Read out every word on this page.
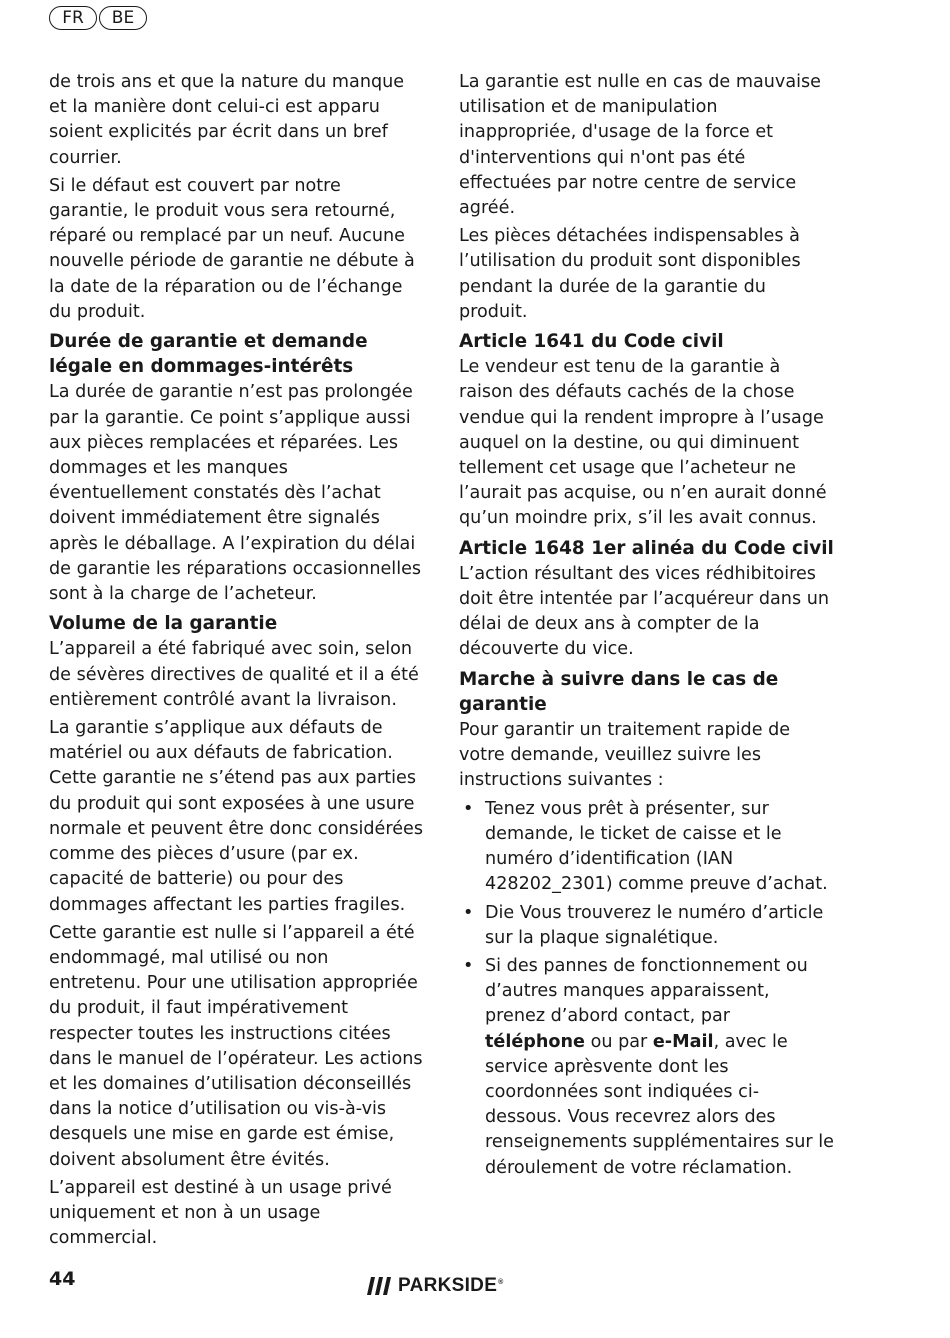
FR	BE

de trois ans et que la nature du manque et la manière dont celui-ci est apparu soient explicités par écrit dans un bref courrier.

Si le défaut est couvert par notre garantie, le produit vous sera retourné, réparé ou remplacé par un neuf. Aucune nouvelle période de garantie ne débute à la date de la réparation ou de l’échange du produit.

Durée de garantie et demande légale en dommages-intérêts

La durée de garantie n’est pas prolongée par la garantie. Ce point s’applique aussi aux pièces remplacées et réparées. Les dommages et les manques éventuellement constatés dès l’achat doivent immédiatement être signalés après le déballage. A l’expiration du délai de garantie les réparations occasionnelles sont à la charge de l’acheteur.

Volume de la garantie

L’appareil a été fabriqué avec soin, selon de sévères directives de qualité et il a été entièrement contrôlé avant la livraison.

La garantie s’applique aux défauts de matériel ou aux défauts de fabrication. Cette garantie ne s’étend pas aux parties du produit qui sont exposées à une usure normale et peuvent être donc considérées comme des pièces d’usure (par ex. capacité de batterie) ou pour des dommages affectant les parties fragiles.

Cette garantie est nulle si l’appareil a été endommagé, mal utilisé ou non entretenu. Pour une utilisation appropriée du produit, il faut impérativement respecter toutes les instructions citées dans le manuel de l’opérateur. Les actions et les domaines d’utilisation déconseillés dans la notice d’utilisation ou vis-à-vis desquels une mise en garde est émise, doivent absolument être évités.

L’appareil est destiné à un usage privé uniquement et non à un usage commercial.

La garantie est nulle en cas de mauvaise utilisation et de manipulation inappropriée, d'usage de la force et d'interventions qui n'ont pas été effectuées par notre centre de service agréé.

Les pièces détachées indispensables à l’utilisation du produit sont disponibles pendant la durée de la garantie du produit.

Article 1641 du Code civil

Le vendeur est tenu de la garantie à raison des défauts cachés de la chose vendue qui la rendent impropre à l’usage auquel on la destine, ou qui diminuent tellement cet usage que l’acheteur ne l’aurait pas acquise, ou n’en aurait donné qu’un moindre prix, s’il les avait connus.

Article 1648 1er alinéa du Code civil

L’action résultant des vices rédhibitoires doit être intentée par l’acquéreur dans un délai de deux ans à compter de la découverte du vice.

Marche à suivre dans le cas de garantie

Pour garantir un traitement rapide de votre demande, veuillez suivre les instructions suivantes :

• Tenez vous prêt à présenter, sur demande, le ticket de caisse et le numéro d’identification (IAN 428202_2301) comme preuve d’achat.
• Die Vous trouverez le numéro d’article sur la plaque signalétique.
• Si des pannes de fonctionnement ou d’autres manques apparaissent, prenez d’abord contact, par téléphone ou par e-Mail, avec le service aprèsvente dont les coordonnées sont indiquées ci-dessous. Vous recevrez alors des renseignements supplémentaires sur le déroulement de votre réclamation.
44	PARKSIDE®
